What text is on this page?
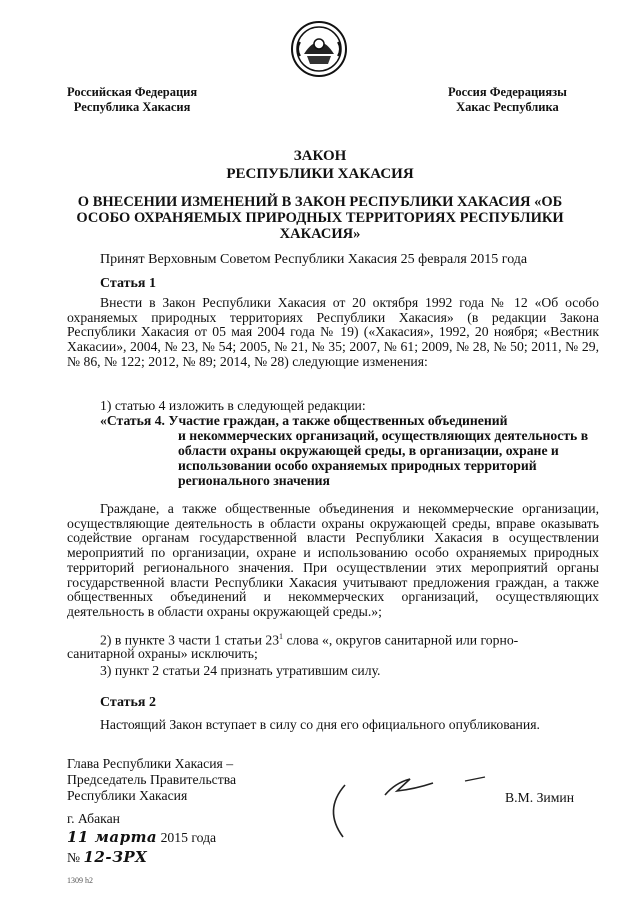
Российская Федерация
Республика Хакасия
Россия Федерациязы
Хакас Республика
ЗАКОН
РЕСПУБЛИКИ ХАКАСИЯ
О ВНЕСЕНИИ ИЗМЕНЕНИЙ В ЗАКОН РЕСПУБЛИКИ ХАКАСИЯ «ОБ ОСОБО ОХРАНЯЕМЫХ ПРИРОДНЫХ ТЕРРИТОРИЯХ РЕСПУБЛИКИ ХАКАСИЯ»
Принят Верховным Советом Республики Хакасия 25 февраля 2015 года
Статья 1
Внести в Закон Республики Хакасия от 20 октября 1992 года № 12 «Об особо охраняемых природных территориях Республики Хакасия» (в редакции Закона Республики Хакасия от 05 мая 2004 года № 19) («Хакасия», 1992, 20 ноября; «Вестник Хакасии», 2004, № 23, № 54; 2005, № 21, № 35; 2007, № 61; 2009, № 28, № 50; 2011, № 29, № 86, № 122; 2012, № 89; 2014, № 28) следующие изменения:
1) статью 4 изложить в следующей редакции:
«Статья 4. Участие граждан, а также общественных объединений
и некоммерческих организаций, осуществляющих деятельность в области охраны окружающей среды, в организации, охране и использовании особо охраняемых природных территорий регионального значения
Граждане, а также общественные объединения и некоммерческие организации, осуществляющие деятельность в области охраны окружающей среды, вправе оказывать содействие органам государственной власти Республики Хакасия в осуществлении мероприятий по организации, охране и использованию особо охраняемых природных территорий регионального значения. При осуществлении этих мероприятий органы государственной власти Республики Хакасия учитывают предложения граждан, а также общественных объединений и некоммерческих организаций, осуществляющих деятельность в области охраны окружающей среды.»;
2) в пункте 3 части 1 статьи $23^1$ слова «, округов санитарной или горно-
санитарной охраны» исключить;
3) пункт 2 статьи 24 признать утратившим силу.
Статья 2
Настоящий Закон вступает в силу со дня его официального опубликования.
Глава Республики Хакасия –
Председатель Правительства
Республики Хакасия	В.М. Зимин
г. Абакан
11 марта 2015 года
№ 12-ЗРХ
1309 h2
